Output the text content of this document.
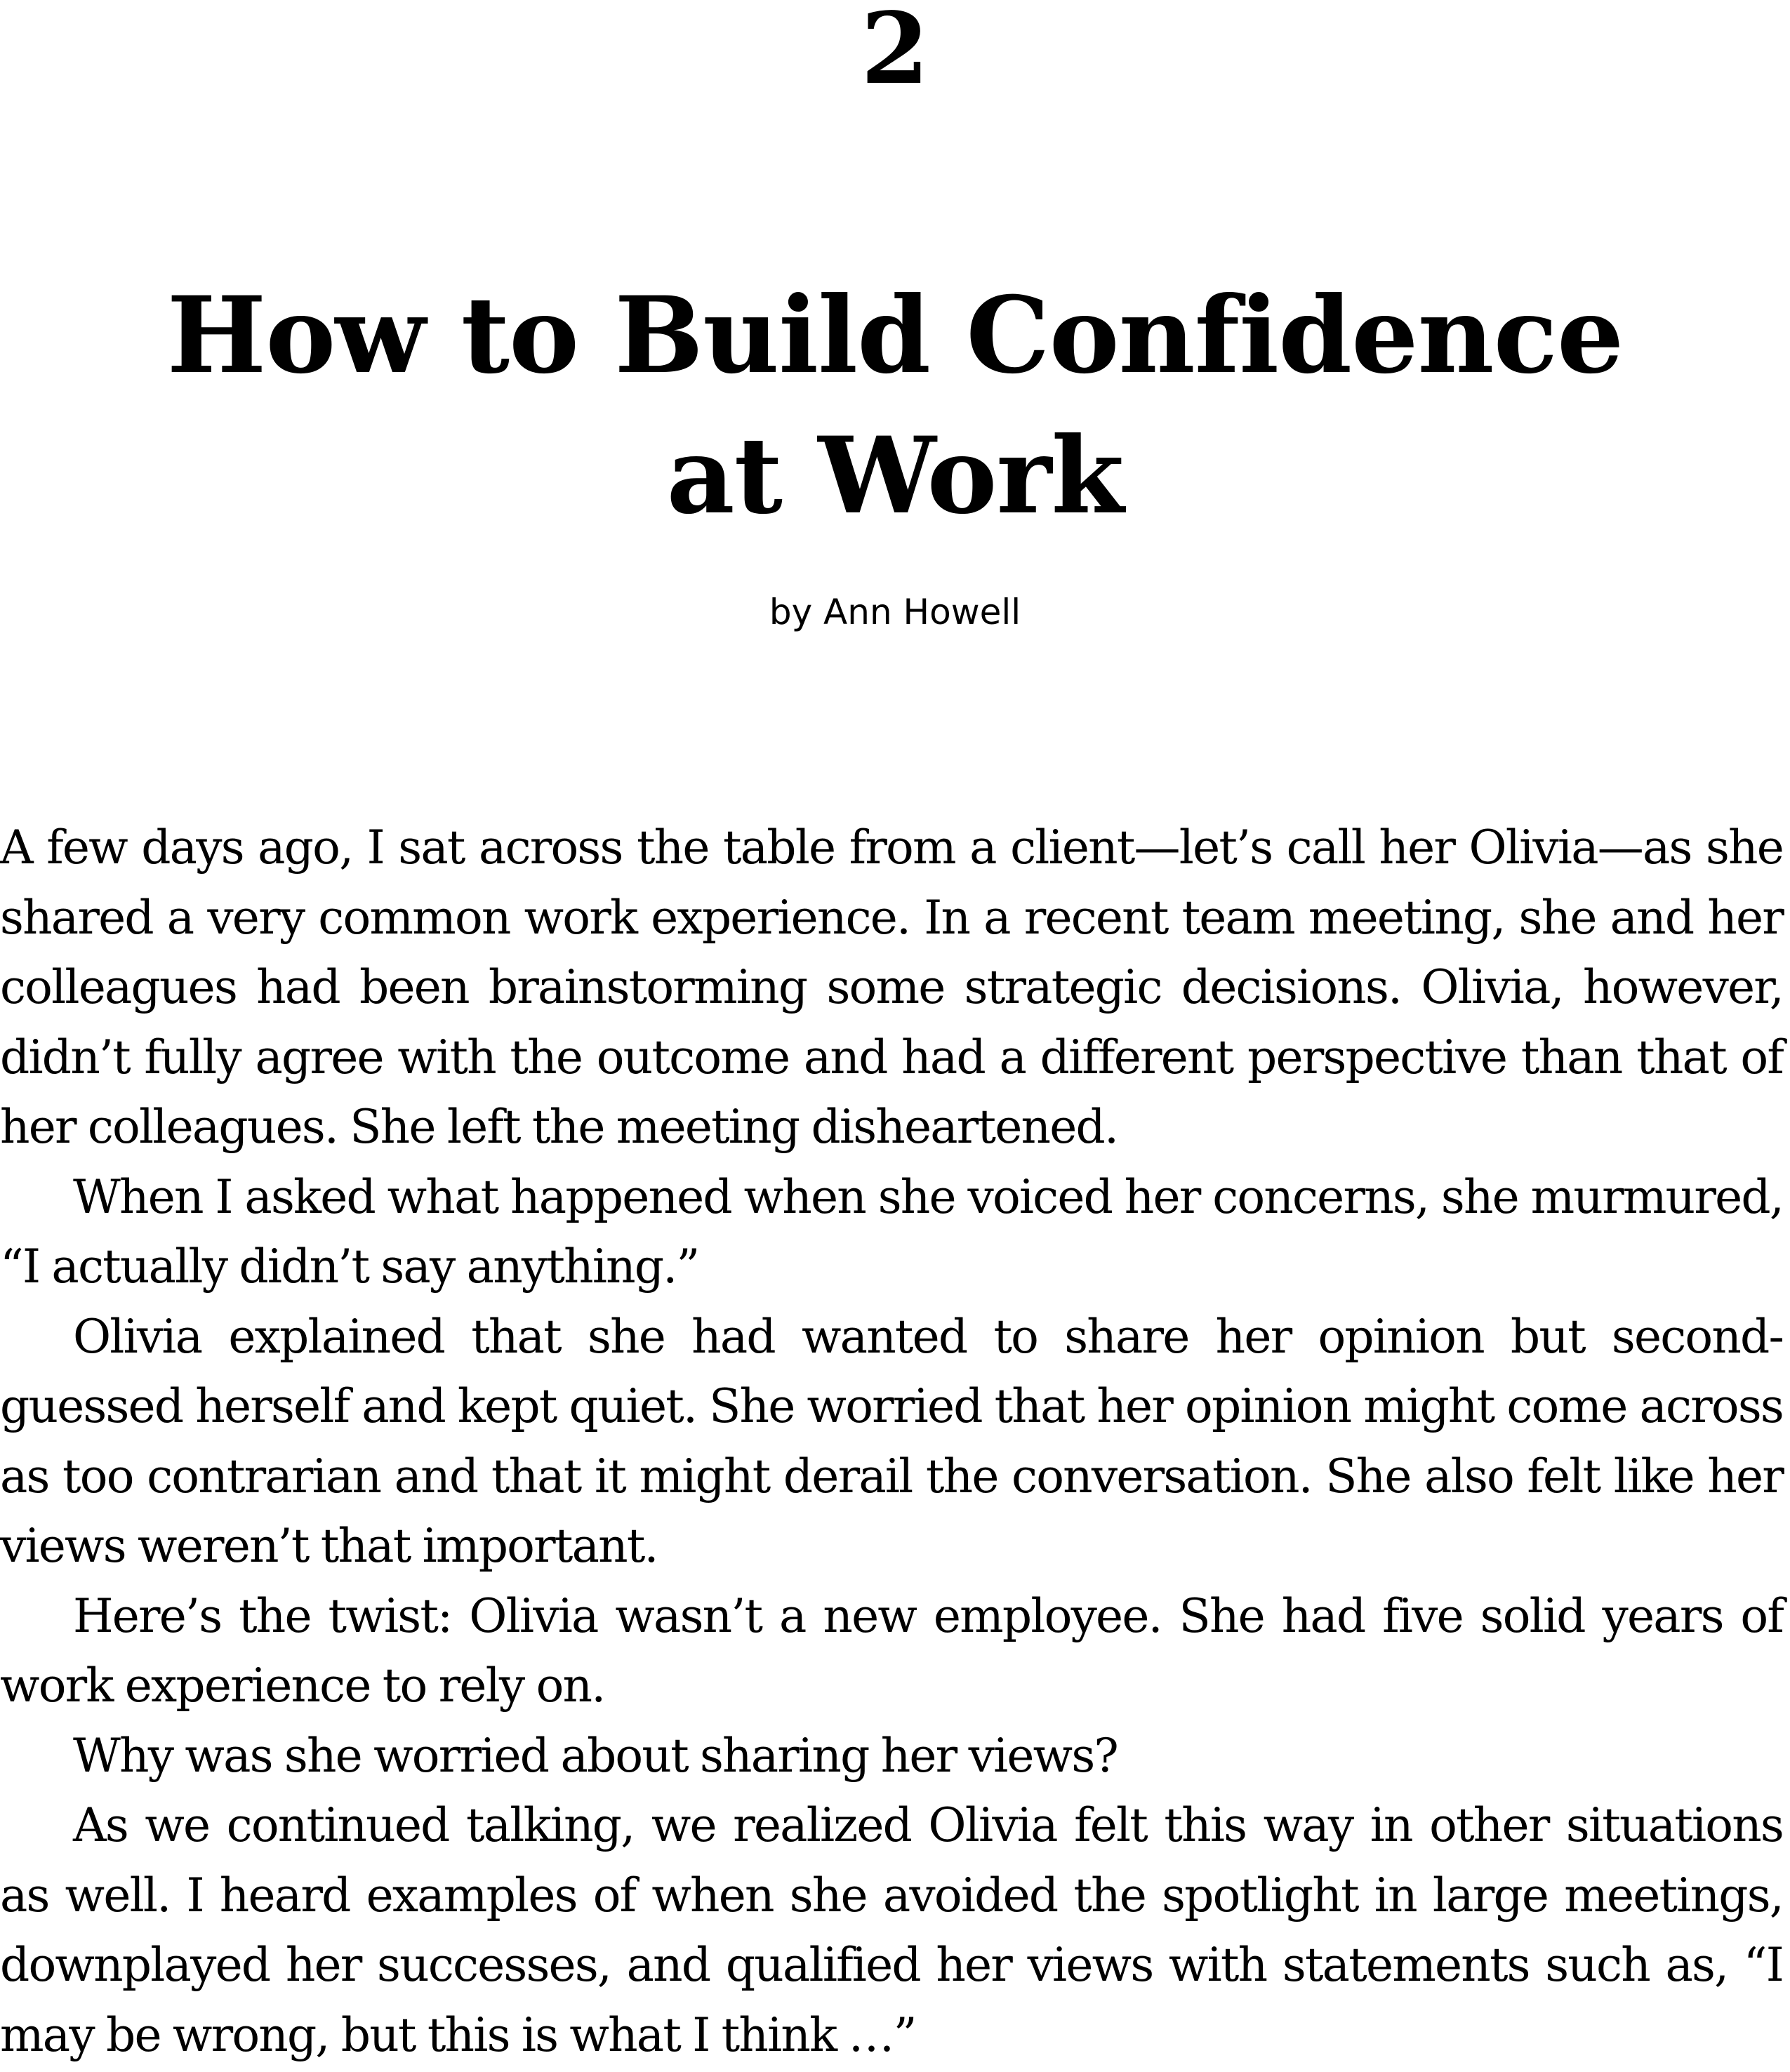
2
How to Build Confidence at Work
by Ann Howell

A few days ago, I sat across the table from a client—let’s call her Olivia—as she shared a very common work experience. In a recent team meeting, she and her colleagues had been brainstorming some strategic decisions. Olivia, however, didn’t fully agree with the outcome and had a different perspective than that of her colleagues. She left the meeting disheartened.

When I asked what happened when she voiced her concerns, she murmured, “I actually didn’t say anything.”

Olivia explained that she had wanted to share her opinion but second-guessed herself and kept quiet. She worried that her opinion might come across as too contrarian and that it might derail the conversation. She also felt like her views weren’t that important.

Here’s the twist: Olivia wasn’t a new employee. She had five solid years of work experience to rely on.

Why was she worried about sharing her views?

As we continued talking, we realized Olivia felt this way in other situations as well. I heard examples of when she avoided the spotlight in large meetings, downplayed her successes, and qualified her views with statements such as, “I may be wrong, but this is what I think …”
